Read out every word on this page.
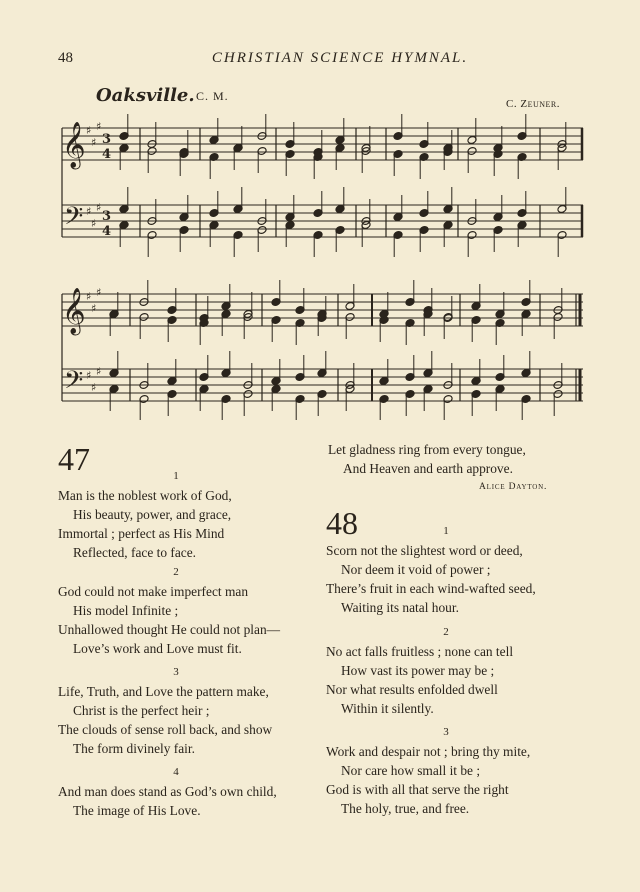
48	CHRISTIAN SCIENCE HYMNAL.
Oaksville. C. M.
C. Zeuner.
𝄞
𝄢
𝄞
𝄢
♯
♯
♯
♯
♯
♯
♯
♯
♯
♯
♯
♯
3
4
3
4
47	1
Man is the noblest work of God,
His beauty, power, and grace,
Immortal ; perfect as His Mind
Reflected, face to face.
2
God could not make imperfect man
His model Infinite ;
Unhallowed thought He could not plan—
Love’s work and Love must fit.
3
Life, Truth, and Love the pattern make,
Christ is the perfect heir ;
The clouds of sense roll back, and show
The form divinely fair.
4
And man does stand as God’s own child,
The image of His Love.
Let gladness ring from every tongue,
And Heaven and earth approve.
Alice Dayton.
48	1
Scorn not the slightest word or deed,
Nor deem it void of power ;
There’s fruit in each wind-wafted seed,
Waiting its natal hour.
2
No act falls fruitless ; none can tell
How vast its power may be ;
Nor what results enfolded dwell
Within it silently.
3
Work and despair not ; bring thy mite,
Nor care how small it be ;
God is with all that serve the right
The holy, true, and free.
